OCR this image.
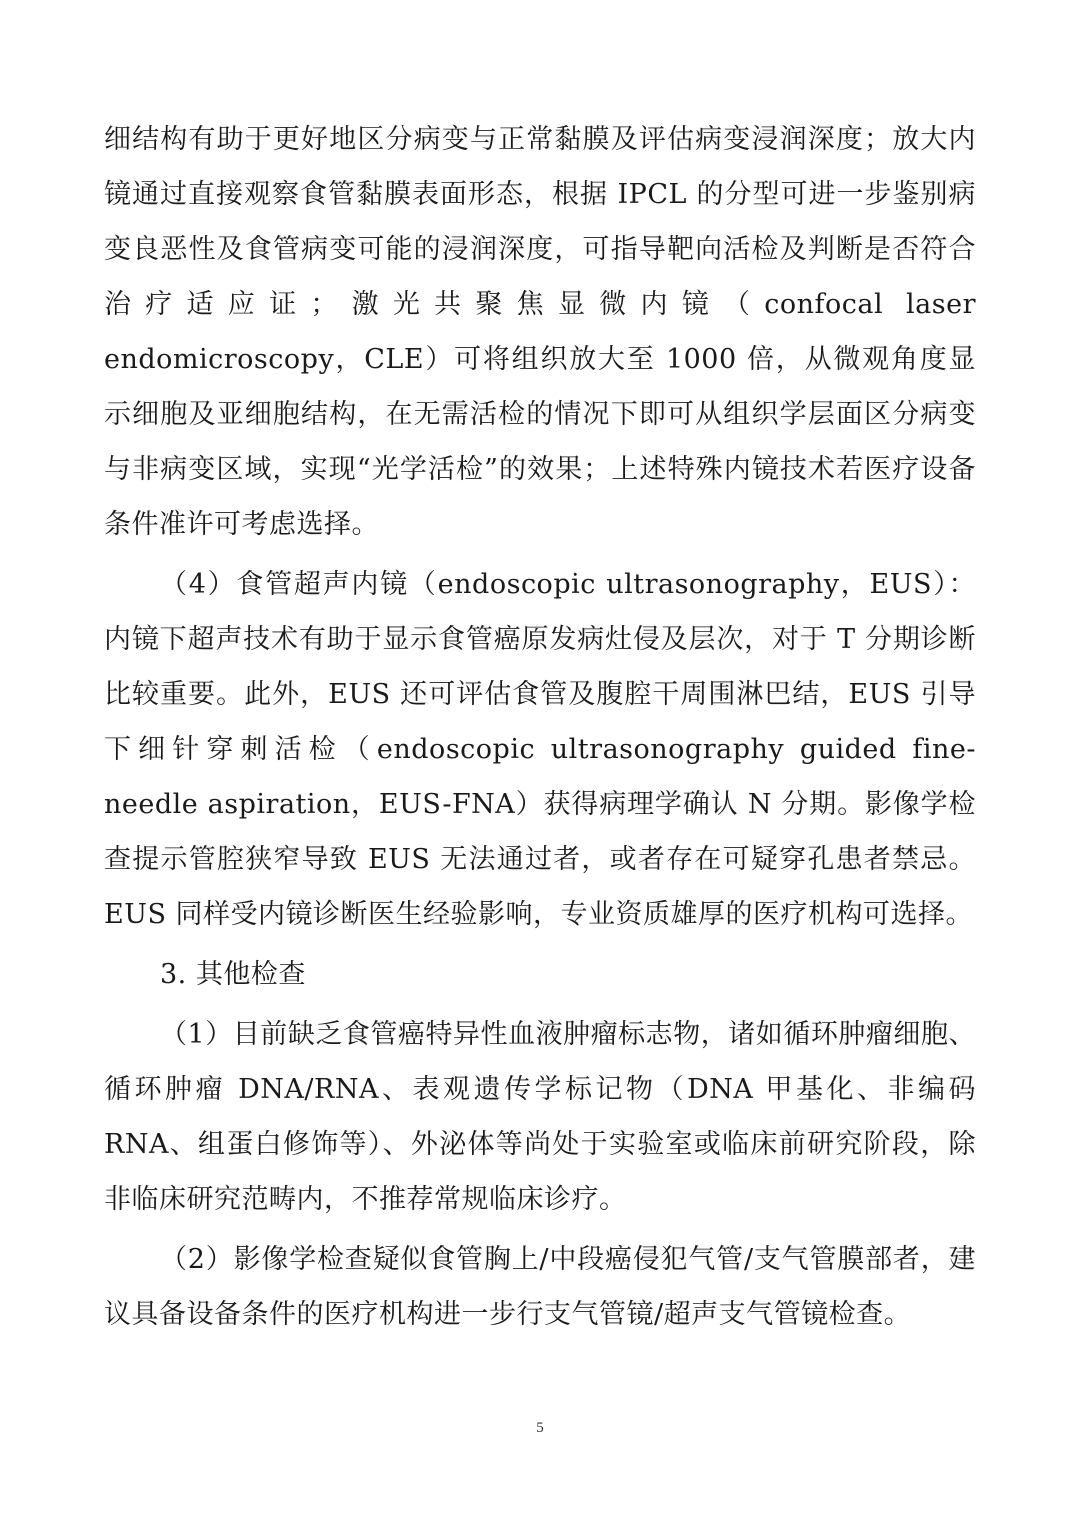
细结构有助于更好地区分病变与正常黏膜及评估病变浸润深度；放大内镜通过直接观察食管黏膜表面形态，根据 IPCL 的分型可进一步鉴别病变良恶性及食管病变可能的浸润深度，可指导靶向活检及判断是否符合治疗适应证；激光共聚焦显微内镜（confocal laser endomicroscopy，CLE）可将组织放大至 1000 倍，从微观角度显示细胞及亚细胞结构，在无需活检的情况下即可从组织学层面区分病变与非病变区域，实现“光学活检”的效果；上述特殊内镜技术若医疗设备条件准许可考虑选择。

（4）食管超声内镜（endoscopic ultrasonography，EUS）：内镜下超声技术有助于显示食管癌原发病灶侵及层次，对于 T 分期诊断比较重要。此外，EUS 还可评估食管及腹腔干周围淋巴结，EUS 引导下细针穿刺活检（endoscopic ultrasonography guided fine-needle aspiration，EUS-FNA）获得病理学确认 N 分期。影像学检查提示管腔狭窄导致 EUS 无法通过者，或者存在可疑穿孔患者禁忌。EUS 同样受内镜诊断医生经验影响，专业资质雄厚的医疗机构可选择。

3. 其他检查

（1）目前缺乏食管癌特异性血液肿瘤标志物，诸如循环肿瘤细胞、循环肿瘤 DNA/RNA、表观遗传学标记物（DNA 甲基化、非编码 RNA、组蛋白修饰等）、外泌体等尚处于实验室或临床前研究阶段，除非临床研究范畴内，不推荐常规临床诊疗。

（2）影像学检查疑似食管胸上/中段癌侵犯气管/支气管膜部者，建议具备设备条件的医疗机构进一步行支气管镜/超声支气管镜检查。

5
